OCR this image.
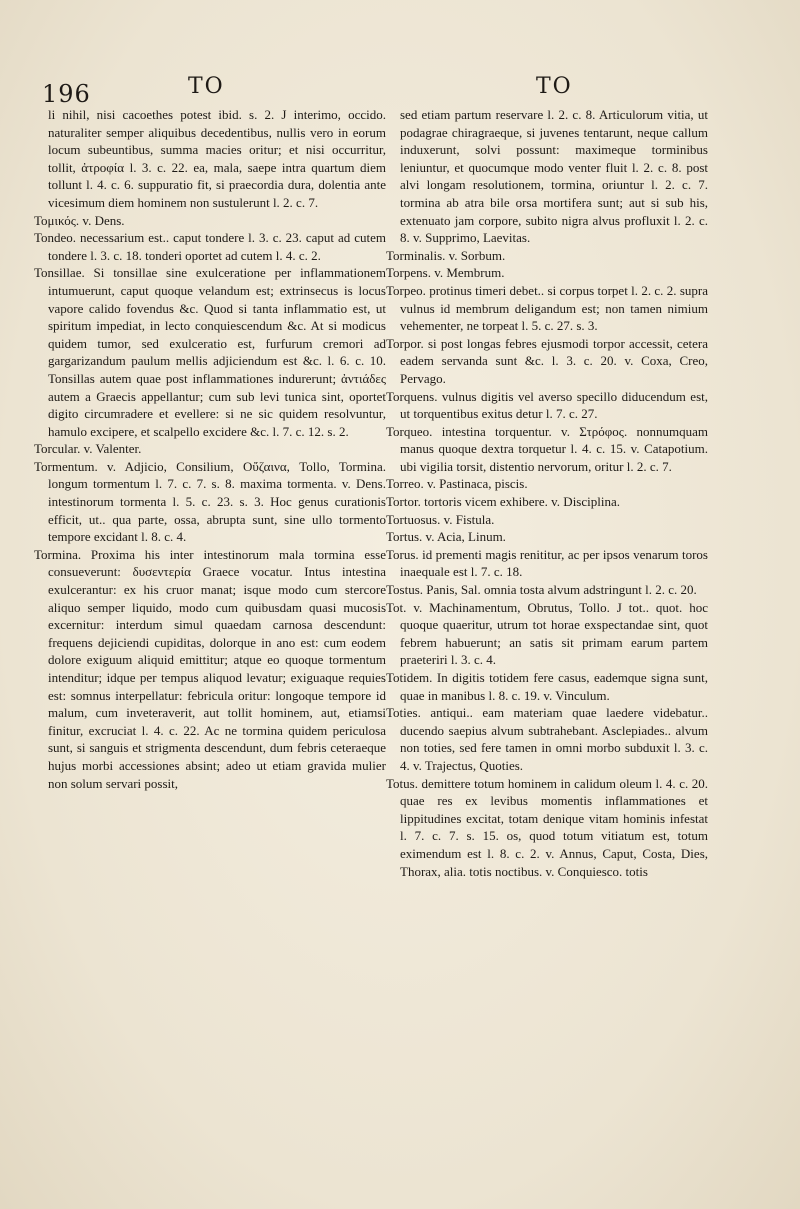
196	TO	TO

li nihil, nisi cacoethes potest ibid. s. 2. J interimo, occido. naturaliter semper aliquibus decedentibus, nullis vero in eorum locum subeuntibus, summa macies oritur; et nisi occurritur, tollit, ἀτροφία l. 3. c. 22. ea, mala, saepe intra quartum diem tollunt l. 4. c. 6. suppuratio fit, si praecordia dura, dolentia ante vicesimum diem hominem non sustulerunt l. 2. c. 7.

Τομικός. v. Dens.

Tondeo. necessarium est.. caput tondere l. 3. c. 23. caput ad cutem tondere l. 3. c. 18. tonderi oportet ad cutem l. 4. c. 2.

Tonsillae. Si tonsillae sine exulceratione per inflammationem intumuerunt, caput quoque velandum est; extrinsecus is locus vapore calido fovendus &c. Quod si tanta inflammatio est, ut spiritum impediat, in lecto conquiescendum &c. At si modicus quidem tumor, sed exulceratio est, furfurum cremori ad gargarizandum paulum mellis adjiciendum est &c. l. 6. c. 10. Tonsillas autem quae post inflammationes indurerunt; ἀντιάδες autem a Graecis appellantur; cum sub levi tunica sint, oportet digito circumradere et evellere: si ne sic quidem resolvuntur, hamulo excipere, et scalpello excidere &c. l. 7. c. 12. s. 2.

Torcular. v. Valenter.

Tormentum. v. Adjicio, Consilium, Οὔζαινα, Tollo, Tormina. longum tormentum l. 7. c. 7. s. 8. maxima tormenta. v. Dens. intestinorum tormenta l. 5. c. 23. s. 3. Hoc genus curationis efficit, ut.. qua parte, ossa, abrupta sunt, sine ullo tormento tempore excidant l. 8. c. 4.

Tormina. Proxima his inter intestinorum mala tormina esse consueverunt: δυσεντερία Graece vocatur. Intus intestina exulcerantur: ex his cruor manat; isque modo cum stercore aliquo semper liquido, modo cum quibusdam quasi mucosis excernitur: interdum simul quaedam carnosa descendunt: frequens dejiciendi cupiditas, dolorque in ano est: cum eodem dolore exiguum aliquid emittitur; atque eo quoque tormentum intenditur; idque per tempus aliquod levatur; exiguaque requies est: somnus interpellatur: febricula oritur: longoque tempore id malum, cum inveteraverit, aut tollit hominem, aut, etiamsi finitur, excruciat l. 4. c. 22. Ac ne tormina quidem periculosa sunt, si sanguis et strigmenta descendunt, dum febris ceteraeque hujus morbi accessiones absint; adeo ut etiam gravida mulier non solum servari possit,

sed etiam partum reservare l. 2. c. 8. Articulorum vitia, ut podagrae chiragraeque, si juvenes tentarunt, neque callum induxerunt, solvi possunt: maximeque torminibus leniuntur, et quocumque modo venter fluit l. 2. c. 8. post alvi longam resolutionem, tormina, oriuntur l. 2. c. 7. tormina ab atra bile orsa mortifera sunt; aut si sub his, extenuato jam corpore, subito nigra alvus profluxit l. 2. c. 8. v. Supprimo, Laevitas.

Torminalis. v. Sorbum.

Torpens. v. Membrum.

Torpeo. protinus timeri debet.. si corpus torpet l. 2. c. 2. supra vulnus id membrum deligandum est; non tamen nimium vehementer, ne torpeat l. 5. c. 27. s. 3.

Torpor. si post longas febres ejusmodi torpor accessit, cetera eadem servanda sunt &c. l. 3. c. 20. v. Coxa, Creo, Pervago.

Torquens. vulnus digitis vel averso specillo diducendum est, ut torquentibus exitus detur l. 7. c. 27.

Torqueo. intestina torquentur. v. Στρόφος. nonnumquam manus quoque dextra torquetur l. 4. c. 15. v. Catapotium. ubi vigilia torsit, distentio nervorum, oritur l. 2. c. 7.

Torreo. v. Pastinaca, piscis.

Tortor. tortoris vicem exhibere. v. Disciplina.

Tortuosus. v. Fistula.

Tortus. v. Acia, Linum.

Torus. id prementi magis renititur, ac per ipsos venarum toros inaequale est l. 7. c. 18.

Tostus. Panis, Sal. omnia tosta alvum adstringunt l. 2. c. 20.

Tot. v. Machinamentum, Obrutus, Tollo. J tot.. quot. hoc quoque quaeritur, utrum tot horae exspectandae sint, quot febrem habuerunt; an satis sit primam earum partem praeteriri l. 3. c. 4.

Totidem. In digitis totidem fere casus, eademque signa sunt, quae in manibus l. 8. c. 19. v. Vinculum.

Toties. antiqui.. eam materiam quae laedere videbatur.. ducendo saepius alvum subtrahebant. Asclepiades.. alvum non toties, sed fere tamen in omni morbo subduxit l. 3. c. 4. v. Trajectus, Quoties.

Totus. demittere totum hominem in calidum oleum l. 4. c. 20. quae res ex levibus momentis inflammationes et lippitudines excitat, totam denique vitam hominis infestat l. 7. c. 7. s. 15. os, quod totum vitiatum est, totum eximendum est l. 8. c. 2. v. Annus, Caput, Costa, Dies, Thorax, alia. totis noctibus. v. Conquiesco. totis
